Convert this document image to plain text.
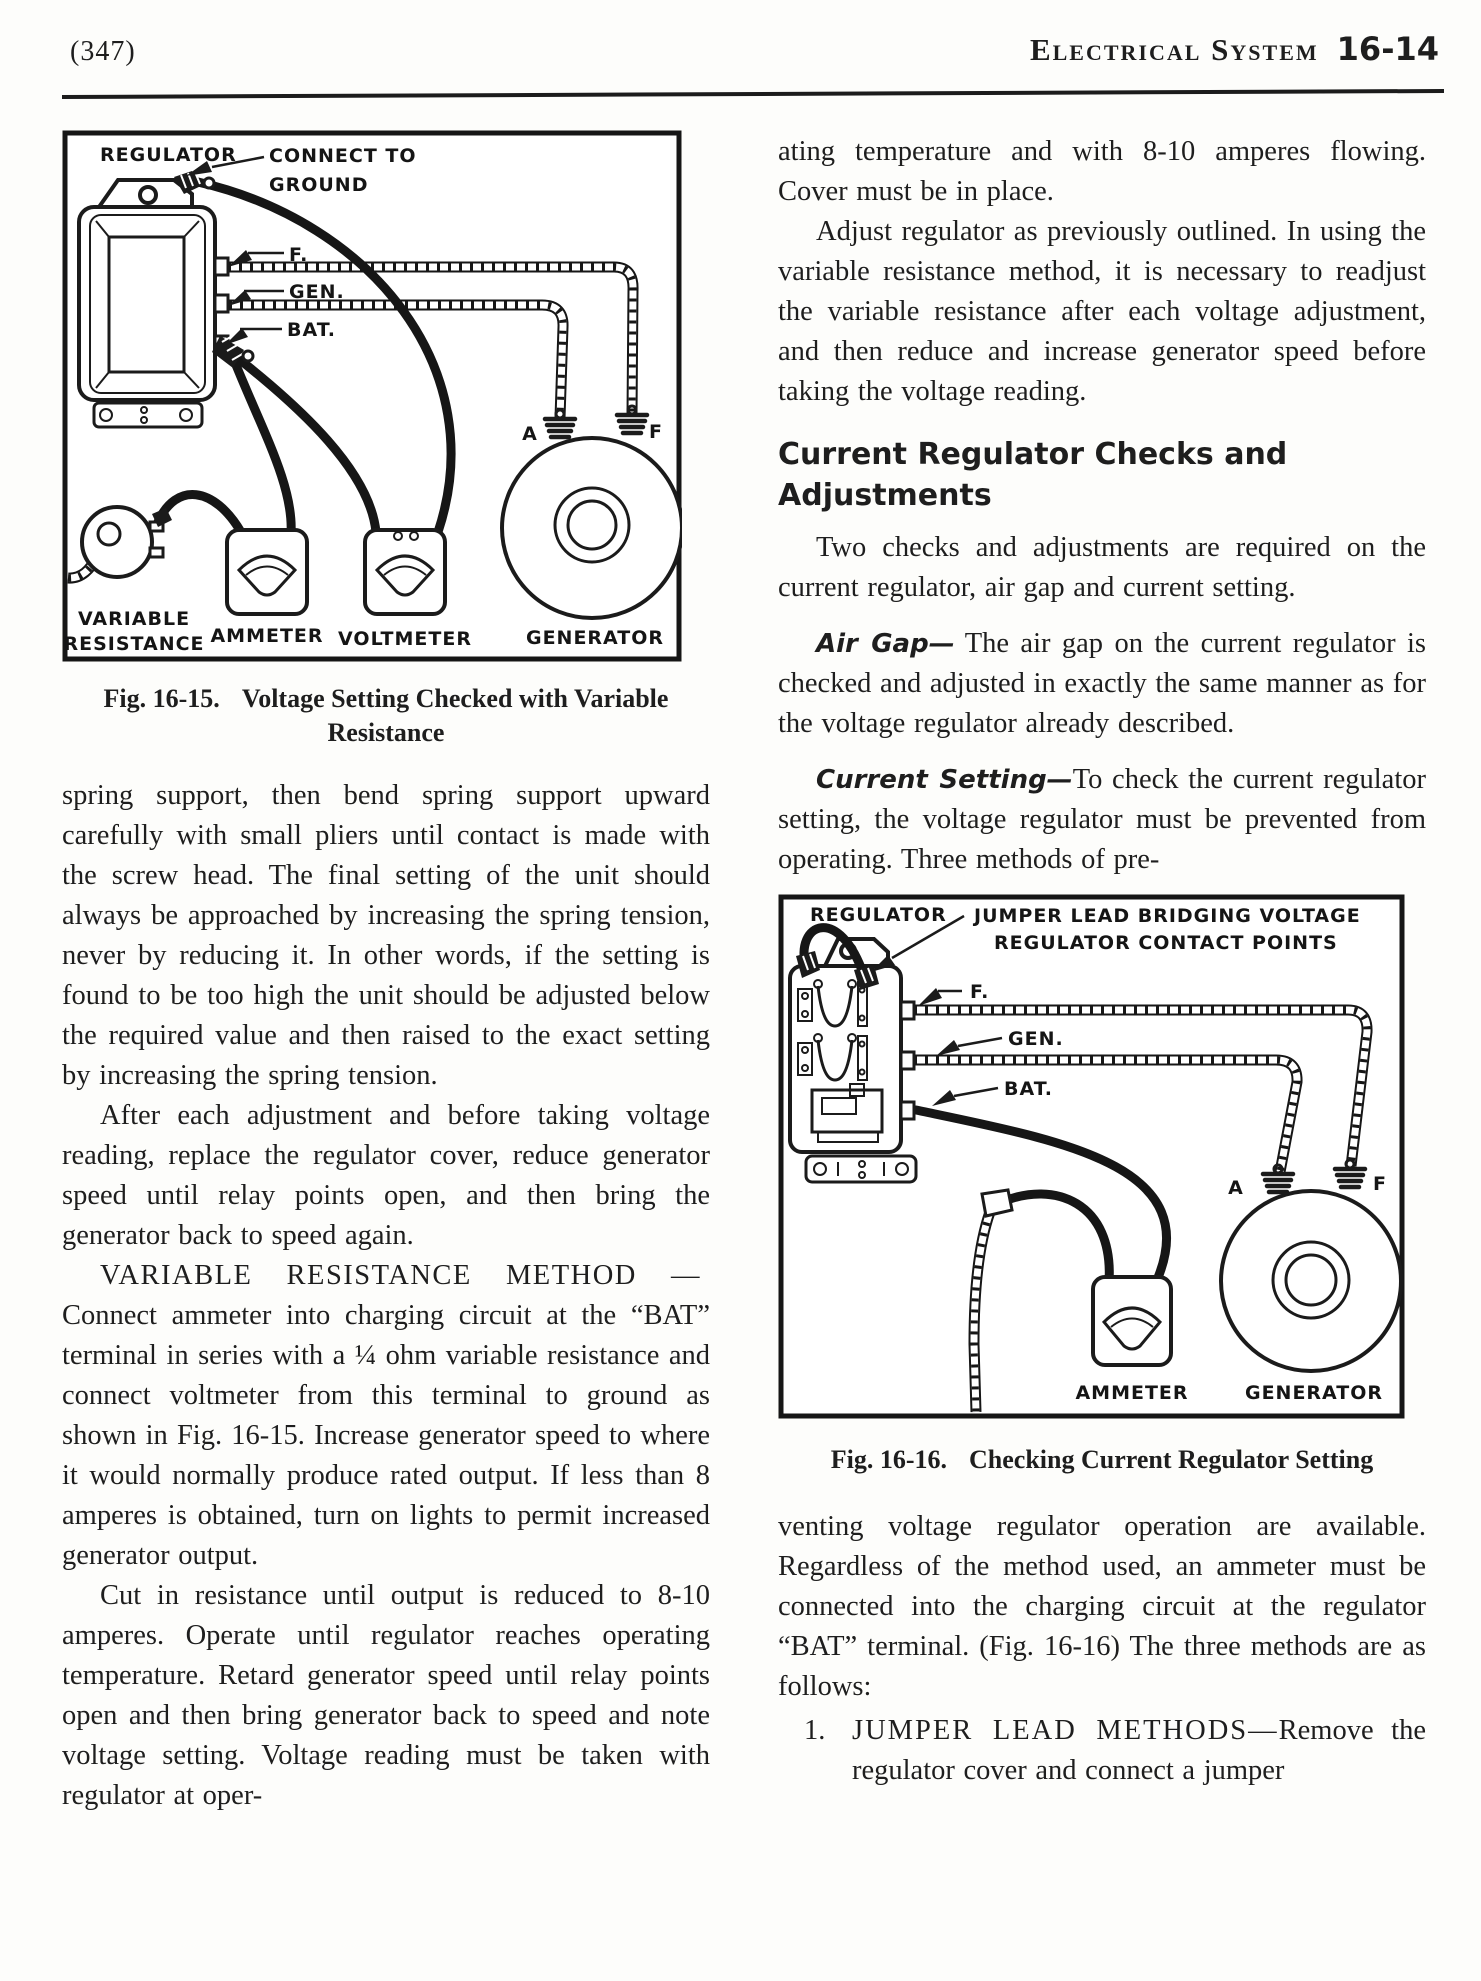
(347)	Electrical System 16-14
REGULATOR CONNECT TO
GROUND
F.
GEN.
BAT.
A	F
VARIABLE
RESISTANCE AMMETER VOLTMETER	GENERATOR
Fig. 16-15. Voltage Setting Checked with Variable
Resistance

spring support, then bend spring support upward carefully with small pliers until contact is made with the screw head. The final setting of the unit should always be approached by increasing the spring tension, never by reducing it. In other words, if the setting is found to be too high the unit should be adjusted below the required value and then raised to the exact setting by increasing the spring tension.

After each adjustment and before taking voltage reading, replace the regulator cover, reduce generator speed until relay points open, and then bring the generator back to speed again.

VARIABLE RESISTANCE METHOD —Connect ammeter into charging circuit at the “BAT” terminal in series with a ¼ ohm variable resistance and connect voltmeter from this terminal to ground as shown in Fig. 16-15. Increase generator speed to where it would normally produce rated output. If less than 8 amperes is obtained, turn on lights to permit increased generator output.

Cut in resistance until output is reduced to 8-10 amperes. Operate until regulator reaches operating temperature. Retard generator speed until relay points open and then bring generator back to speed and note voltage setting. Voltage reading must be taken with regulator at oper-

ating temperature and with 8-10 amperes flowing. Cover must be in place.

Adjust regulator as previously outlined. In using the variable resistance method, it is necessary to readjust the variable resistance after each voltage adjustment, and then reduce and increase generator speed before taking the voltage reading.

Current Regulator Checks and Adjustments

Two checks and adjustments are required on the current regulator, air gap and current setting.

Air Gap— The air gap on the current regulator is checked and adjusted in exactly the same manner as for the voltage regulator already described.

Current Setting—To check the current regulator setting, the voltage regulator must be prevented from operating. Three methods of pre-

REGULATOR JUMPER LEAD BRIDGING VOLTAGE
REGULATOR CONTACT POINTS
F.
GEN.
BAT.
A	F
AMMETER	GENERATOR
Fig. 16-16. Checking Current Regulator Setting

venting voltage regulator operation are available. Regardless of the method used, an ammeter must be connected into the charging circuit at the regulator “BAT” terminal. (Fig. 16-16) The three methods are as follows:

1. JUMPER LEAD METHODS—Remove the regulator cover and connect a jumper
